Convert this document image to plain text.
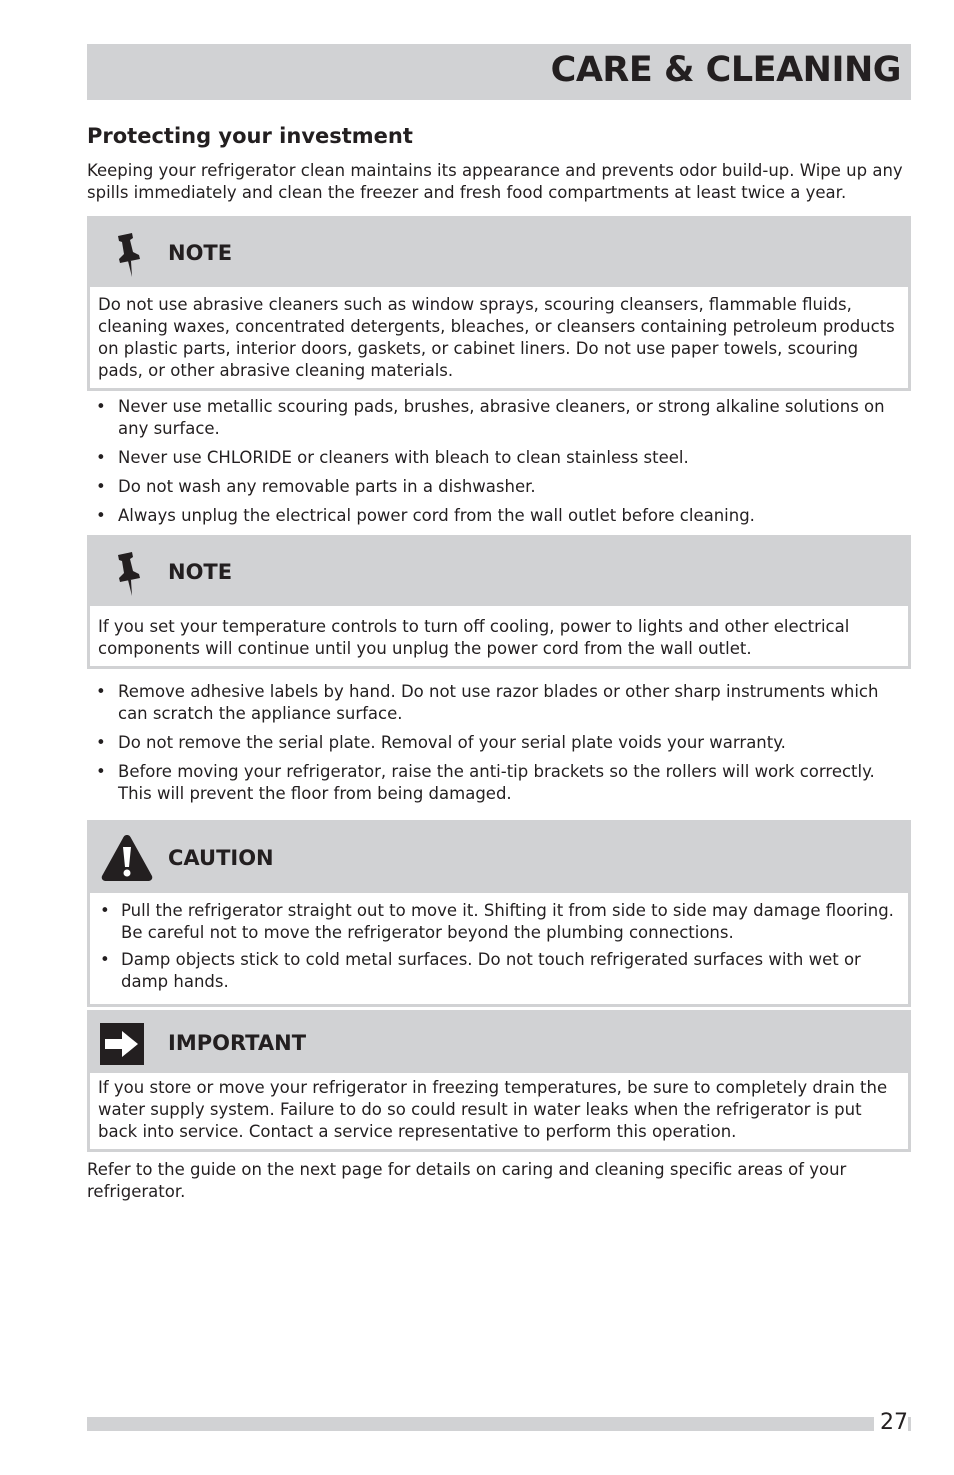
CARE & CLEANING
Protecting your investment

Keeping your refrigerator clean maintains its appearance and prevents odor build-up. Wipe up any spills immediately and clean the freezer and fresh food compartments at least twice a year.

NOTE

Do not use abrasive cleaners such as window sprays, scouring cleansers, flammable fluids, cleaning waxes, concentrated detergents, bleaches, or cleansers containing petroleum products on plastic parts, interior doors, gaskets, or cabinet liners. Do not use paper towels, scouring pads, or other abrasive cleaning materials.

• Never use metallic scouring pads, brushes, abrasive cleaners, or strong alkaline solutions on any surface.
• Never use CHLORIDE or cleaners with bleach to clean stainless steel.
• Do not wash any removable parts in a dishwasher.
• Always unplug the electrical power cord from the wall outlet before cleaning.
NOTE

If you set your temperature controls to turn off cooling, power to lights and other electrical components will continue until you unplug the power cord from the wall outlet.

• Remove adhesive labels by hand. Do not use razor blades or other sharp instruments which can scratch the appliance surface.
• Do not remove the serial plate. Removal of your serial plate voids your warranty.
• Before moving your refrigerator, raise the anti-tip brackets so the rollers will work correctly. This will prevent the floor from being damaged.
CAUTION
• Pull the refrigerator straight out to move it. Shifting it from side to side may damage flooring. Be careful not to move the refrigerator beyond the plumbing connections.
• Damp objects stick to cold metal surfaces. Do not touch refrigerated surfaces with wet or damp hands.
IMPORTANT

If you store or move your refrigerator in freezing temperatures, be sure to completely drain the water supply system. Failure to do so could result in water leaks when the refrigerator is put back into service. Contact a service representative to perform this operation.

Refer to the guide on the next page for details on caring and cleaning specific areas of your refrigerator.

27
